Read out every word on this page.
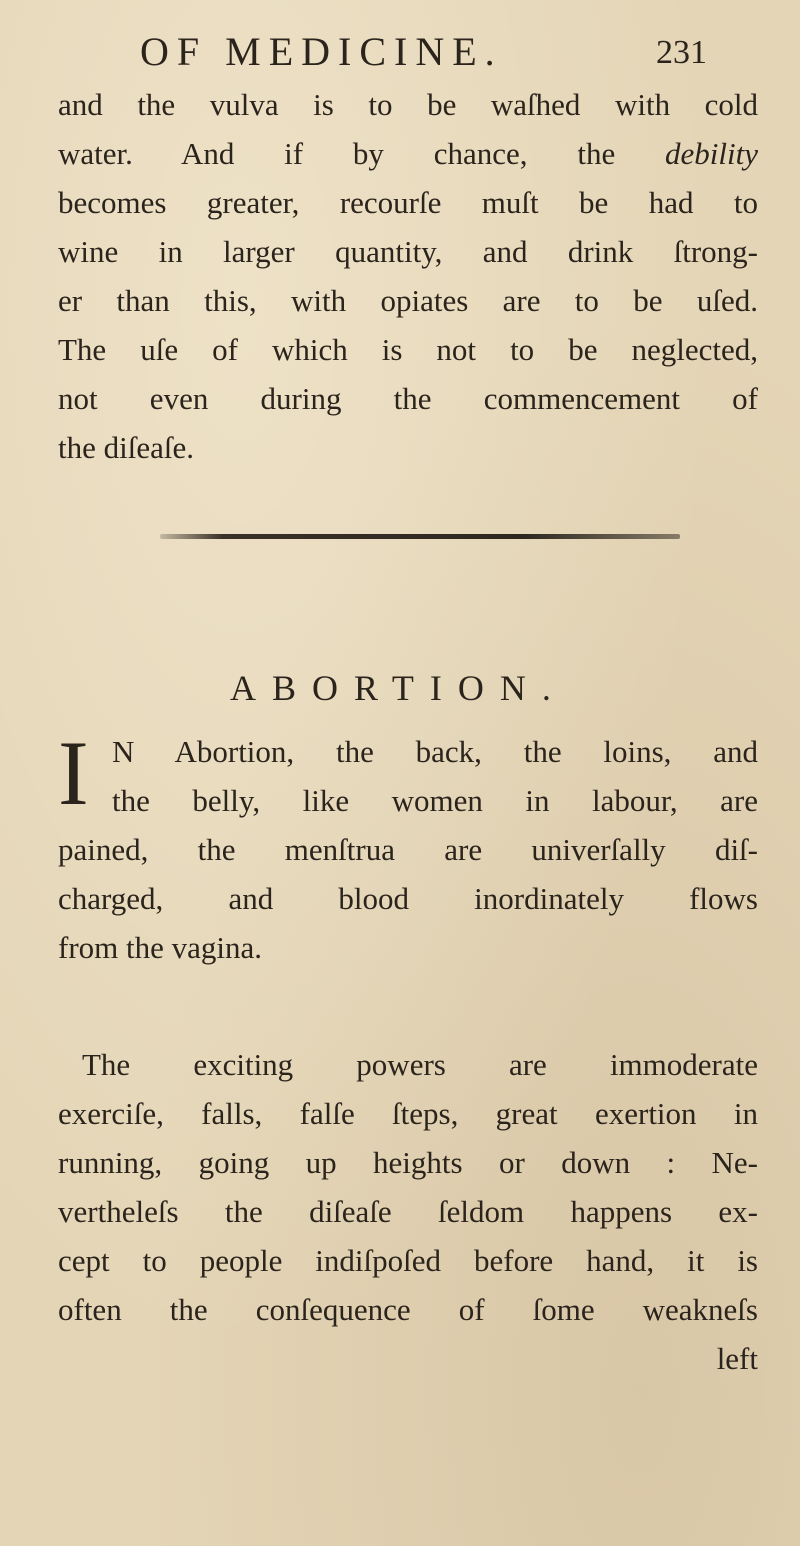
OF MEDICINE.	231

and the vulva is to be waſhed with cold
water. And if by chance, the debility
becomes greater, recourſe muſt be had to
wine in larger quantity, and drink ſtrong-
er than this, with opiates are to be uſed.
The uſe of which is not to be neglected,
not even during the commencement of
the diſeaſe.

ABORTION.
I N Abortion, the back, the loins, and
the belly, like women in labour, are
pained, the menſtrua are univerſally diſ-
charged, and blood inordinately flows
from the vagina.

The exciting powers are immoderate
exerciſe, falls, falſe ſteps, great exertion in
running, going up heights or down : Ne-
vertheleſs the diſeaſe ſeldom happens ex-
cept to people indiſpoſed before hand, it is
often the conſequence of ſome weakneſs
left
